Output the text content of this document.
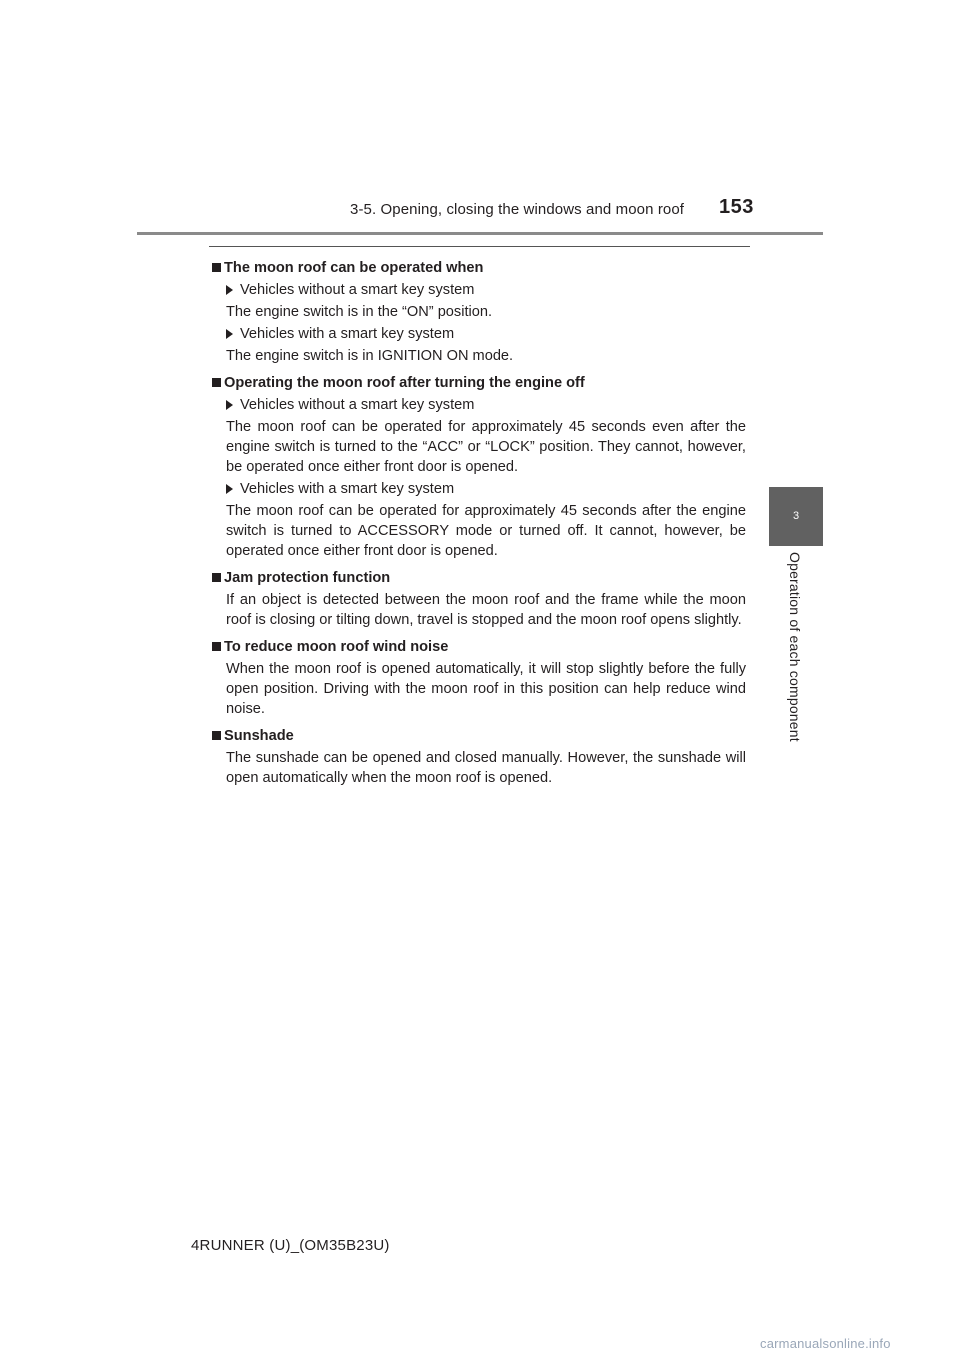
3-5. Opening, closing the windows and moon roof 153
3
Operation of each component
The moon roof can be operated when
Vehicles without a smart key system
The engine switch is in the “ON” position.
Vehicles with a smart key system
The engine switch is in IGNITION ON mode.
Operating the moon roof after turning the engine off
Vehicles without a smart key system
The moon roof can be operated for approximately 45 seconds even after the engine switch is turned to the “ACC” or “LOCK” position. They cannot, however, be operated once either front door is opened.
Vehicles with a smart key system
The moon roof can be operated for approximately 45 seconds after the engine switch is turned to ACCESSORY mode or turned off. It cannot, however, be operated once either front door is opened.
Jam protection function
If an object is detected between the moon roof and the frame while the moon roof is closing or tilting down, travel is stopped and the moon roof opens slightly.
To reduce moon roof wind noise
When the moon roof is opened automatically, it will stop slightly before the fully open position. Driving with the moon roof in this position can help reduce wind noise.
Sunshade
The sunshade can be opened and closed manually. However, the sunshade will open automatically when the moon roof is opened.
4RUNNER (U)_(OM35B23U)
carmanualsonline.info
